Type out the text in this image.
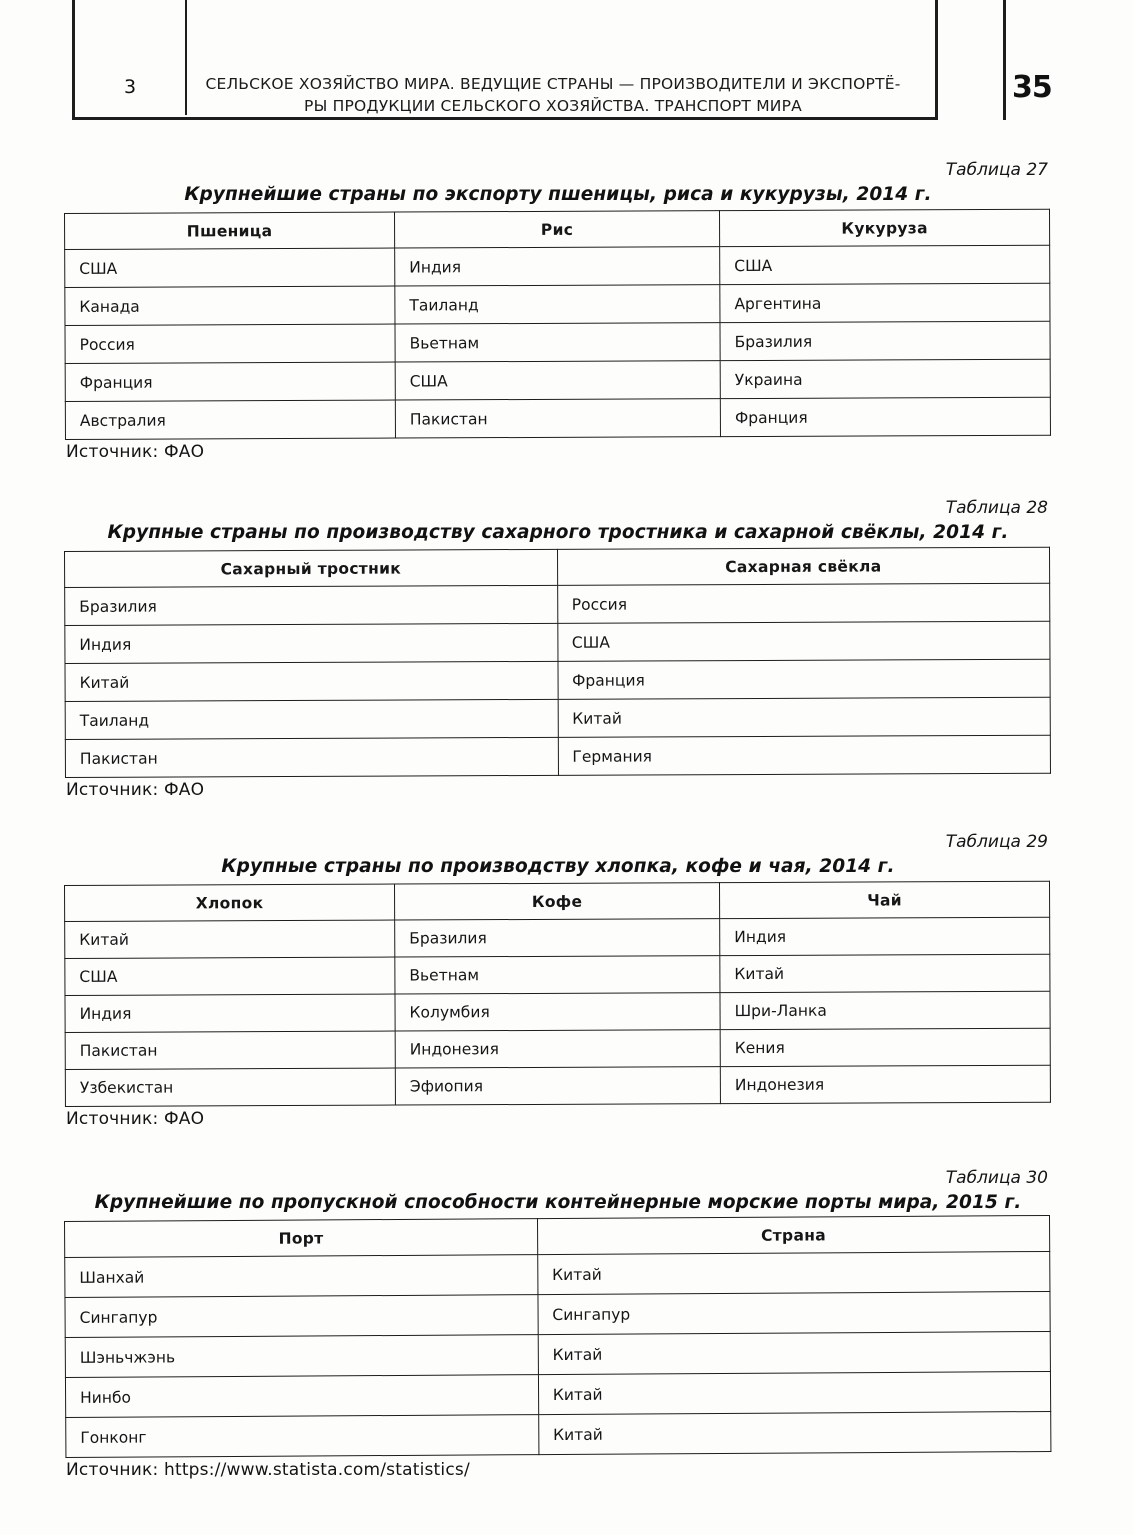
3	СЕЛЬСКОЕ ХОЗЯЙСТВО МИРА. ВЕДУЩИЕ СТРАНЫ — ПРОИЗВОДИТЕЛИ И ЭКСПОРТЁ-
РЫ ПРОДУКЦИИ СЕЛЬСКОГО ХОЗЯЙСТВА. ТРАНСПОРТ МИРА
35
Таблица 27
Крупнейшие страны по экспорту пшеницы, риса и кукурузы, 2014 г.
Пшеница	Рис	Кукуруза
США	Индия	США
Канада	Таиланд	Аргентина
Россия	Вьетнам	Бразилия
Франция	США	Украина
Австралия	Пакистан	Франция
Источник: ФАО
Таблица 28
Крупные страны по производству сахарного тростника и сахарной свёклы, 2014 г.
Сахарный тростник	Сахарная свёкла
Бразилия	Россия
Индия	США
Китай	Франция
Таиланд	Китай
Пакистан	Германия
Источник: ФАО
Таблица 29
Крупные страны по производству хлопка, кофе и чая, 2014 г.
Хлопок	Кофе	Чай
Китай	Бразилия	Индия
США	Вьетнам	Китай
Индия	Колумбия	Шри-Ланка
Пакистан	Индонезия	Кения
Узбекистан	Эфиопия	Индонезия
Источник: ФАО
Таблица 30
Крупнейшие по пропускной способности контейнерные морские порты мира, 2015 г.
Порт	Страна
Шанхай	Китай
Сингапур	Сингапур
Шэньчжэнь	Китай
Нинбо	Китай
Гонконг	Китай
Источник: https://www.statista.com/statistics/
